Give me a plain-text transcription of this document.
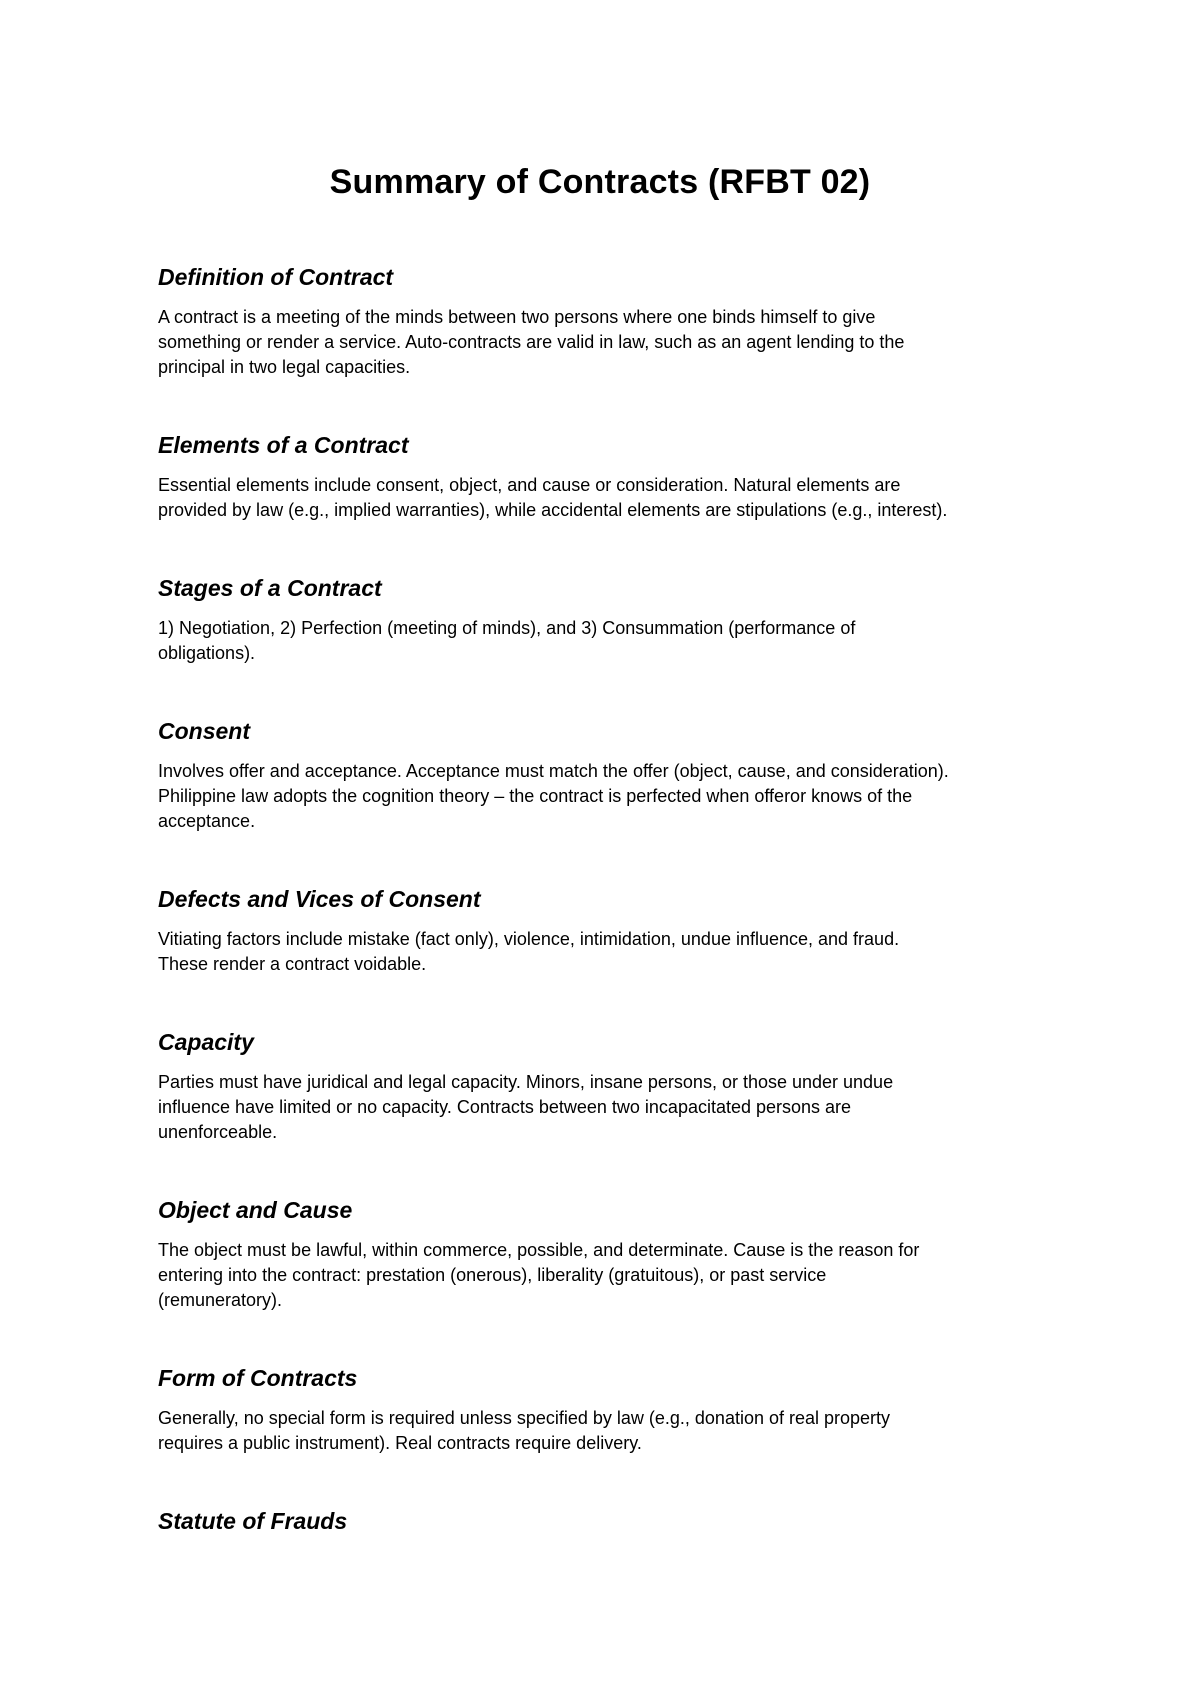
Summary of Contracts (RFBT 02)
Definition of Contract

A contract is a meeting of the minds between two persons where one binds himself to give
something or render a service. Auto-contracts are valid in law, such as an agent lending to the
principal in two legal capacities.

Elements of a Contract

Essential elements include consent, object, and cause or consideration. Natural elements are
provided by law (e.g., implied warranties), while accidental elements are stipulations (e.g., interest).

Stages of a Contract

1) Negotiation, 2) Perfection (meeting of minds), and 3) Consummation (performance of
obligations).

Consent

Involves offer and acceptance. Acceptance must match the offer (object, cause, and consideration).
Philippine law adopts the cognition theory – the contract is perfected when offeror knows of the
acceptance.

Defects and Vices of Consent

Vitiating factors include mistake (fact only), violence, intimidation, undue influence, and fraud.
These render a contract voidable.

Capacity

Parties must have juridical and legal capacity. Minors, insane persons, or those under undue
influence have limited or no capacity. Contracts between two incapacitated persons are
unenforceable.

Object and Cause

The object must be lawful, within commerce, possible, and determinate. Cause is the reason for
entering into the contract: prestation (onerous), liberality (gratuitous), or past service
(remuneratory).

Form of Contracts

Generally, no special form is required unless specified by law (e.g., donation of real property
requires a public instrument). Real contracts require delivery.

Statute of Frauds
